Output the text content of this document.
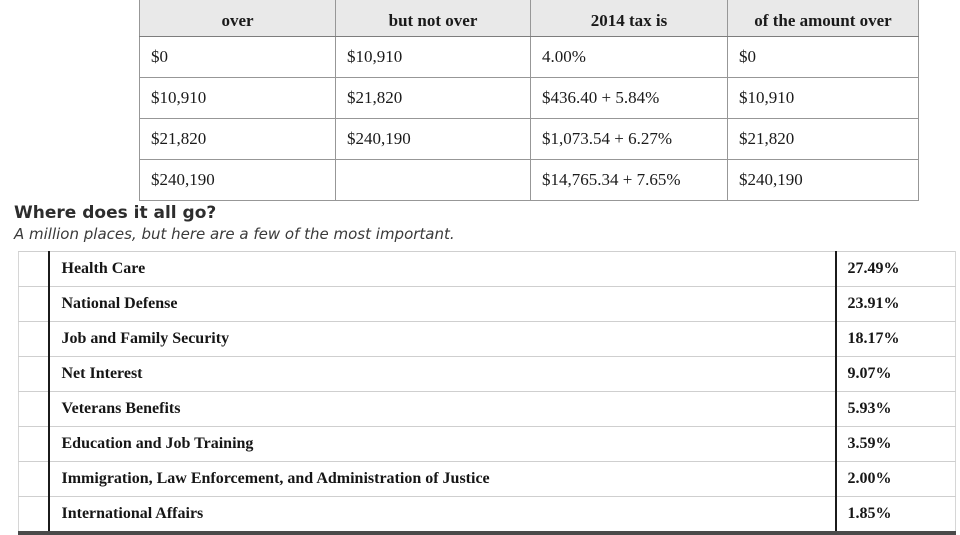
over	but not over	2014 tax is	of the amount over
$0	$10,910	4.00%	$0
$10,910	$21,820	$436.40 + 5.84%	$10,910
$21,820	$240,190	$1,073.54 + 6.27%	$21,820
$240,190		$14,765.34 + 7.65%	$240,190
Where does it all go?
A million places, but here are a few of the most important.
	Health Care	27.49%
	National Defense	23.91%
	Job and Family Security	18.17%
	Net Interest	9.07%
	Veterans Benefits	5.93%
	Education and Job Training	3.59%
	Immigration, Law Enforcement, and Administration of Justice	2.00%
	International Affairs	1.85%
